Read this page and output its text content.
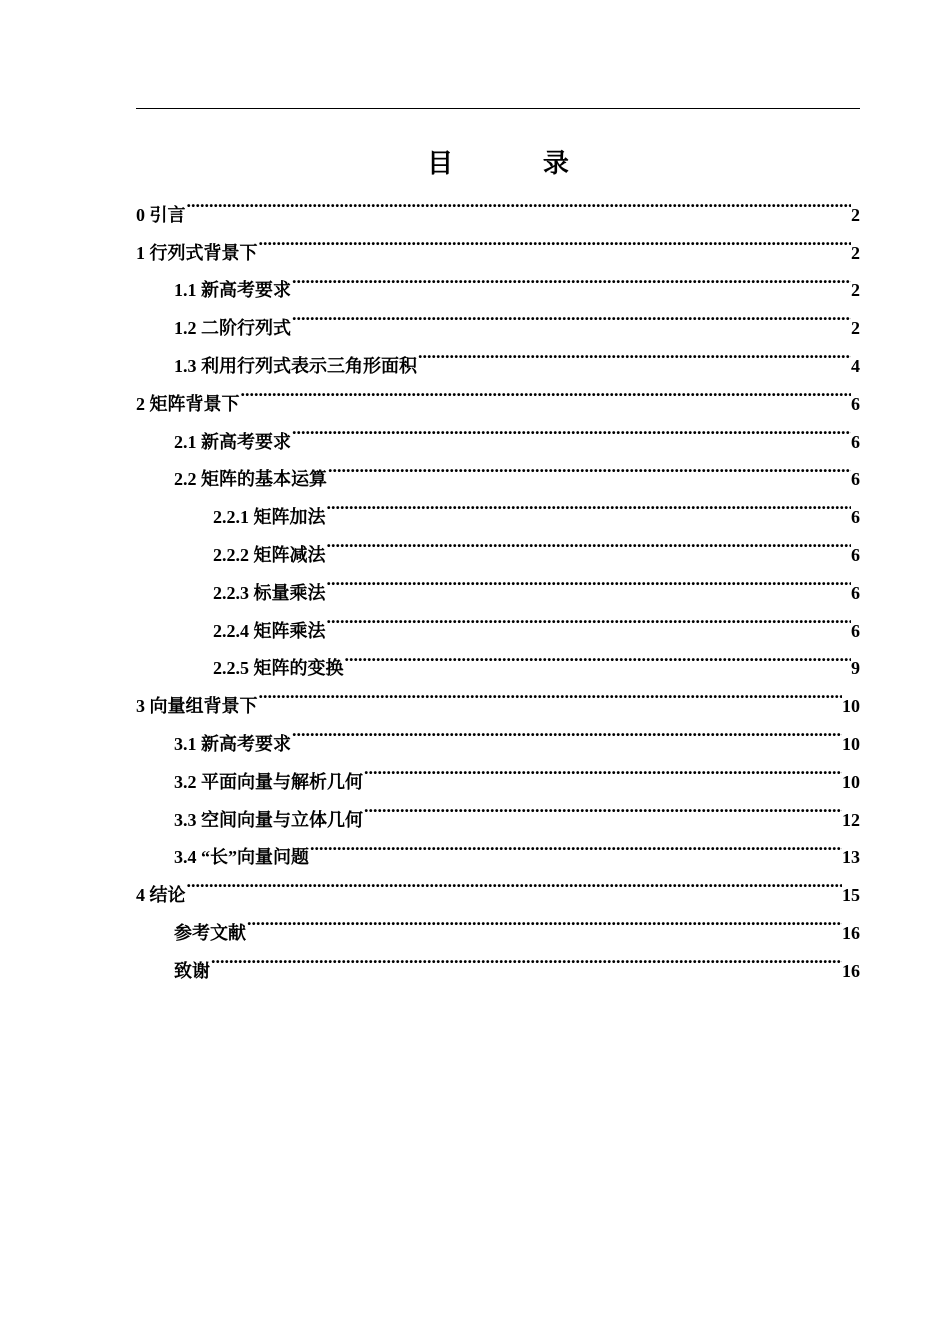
目 录
0 引言 .....	2
1 行列式背景下 .....	2
1.1 新高考要求 .....	2
1.2 二阶行列式 .....	2
1.3 利用行列式表示三角形面积 .....	4
2 矩阵背景下 .....	6
2.1 新高考要求 .....	6
2.2 矩阵的基本运算 .....	6
2.2.1 矩阵加法 .....	6
2.2.2 矩阵减法 .....	6
2.2.3 标量乘法 .....	6
2.2.4 矩阵乘法 .....	6
2.2.5 矩阵的变换 .....	9
3 向量组背景下 .....	10
3.1 新高考要求 .....	10
3.2 平面向量与解析几何 .....	10
3.3 空间向量与立体几何 .....	12
3.4 “长”向量问题 .....	13
4 结论 .....	15
参考文献 .....	16
致谢 .....	16
